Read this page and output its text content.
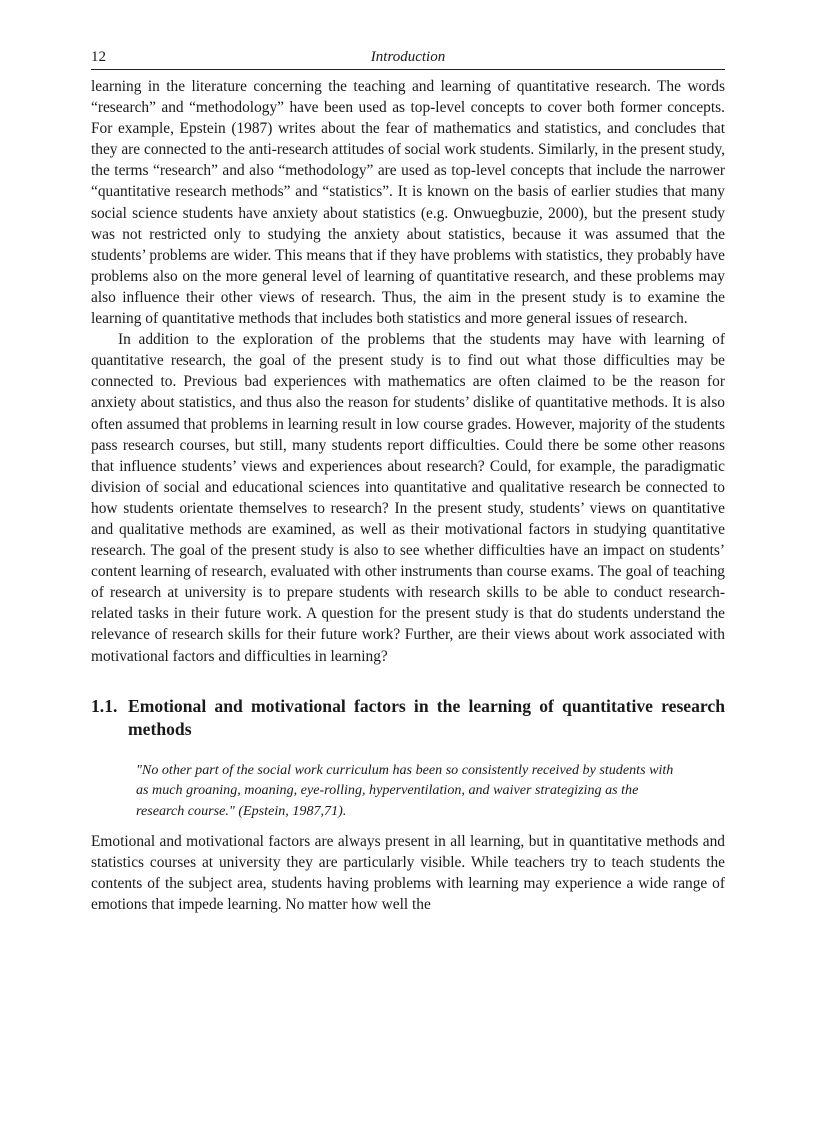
12	Introduction

learning in the literature concerning the teaching and learning of quantitative research. The words “research” and “methodology” have been used as top-level concepts to cover both former concepts. For example, Epstein (1987) writes about the fear of mathematics and statistics, and concludes that they are connected to the anti-research attitudes of social work students. Similarly, in the present study, the terms “research” and also “methodology” are used as top-level concepts that include the narrower “quantitative research methods” and “statistics”. It is known on the basis of earlier studies that many social science students have anxiety about statistics (e.g. Onwuegbuzie, 2000), but the present study was not restricted only to studying the anxiety about statistics, because it was assumed that the students’ problems are wider. This means that if they have problems with statistics, they probably have problems also on the more general level of learning of quantitative research, and these problems may also influence their other views of research. Thus, the aim in the present study is to examine the learning of quantitative methods that includes both statistics and more general issues of research.

In addition to the exploration of the problems that the students may have with learning of quantitative research, the goal of the present study is to find out what those difficulties may be connected to. Previous bad experiences with mathematics are often claimed to be the reason for anxiety about statistics, and thus also the reason for students’ dislike of quantitative methods. It is also often assumed that problems in learning result in low course grades. However, majority of the students pass research courses, but still, many students report difficulties. Could there be some other reasons that influence students’ views and experiences about research? Could, for example, the paradigmatic division of social and educational sciences into quantitative and qualitative research be connected to how students orientate themselves to research? In the present study, students’ views on quantitative and qualitative methods are examined, as well as their motivational factors in studying quantitative research. The goal of the present study is also to see whether difficulties have an impact on students’ content learning of research, evaluated with other instruments than course exams. The goal of teaching of research at university is to prepare students with research skills to be able to conduct research-related tasks in their future work. A question for the present study is that do students understand the relevance of research skills for their future work? Further, are their views about work associated with motivational factors and difficulties in learning?

1.1. Emotional and motivational factors in the learning of quantitative research methods

"No other part of the social work curriculum has been so consistently received by students with as much groaning, moaning, eye-rolling, hyperventilation, and waiver strategizing as the research course." (Epstein, 1987,71).

Emotional and motivational factors are always present in all learning, but in quantitative methods and statistics courses at university they are particularly visible. While teachers try to teach students the contents of the subject area, students having problems with learning may experience a wide range of emotions that impede learning. No matter how well the
